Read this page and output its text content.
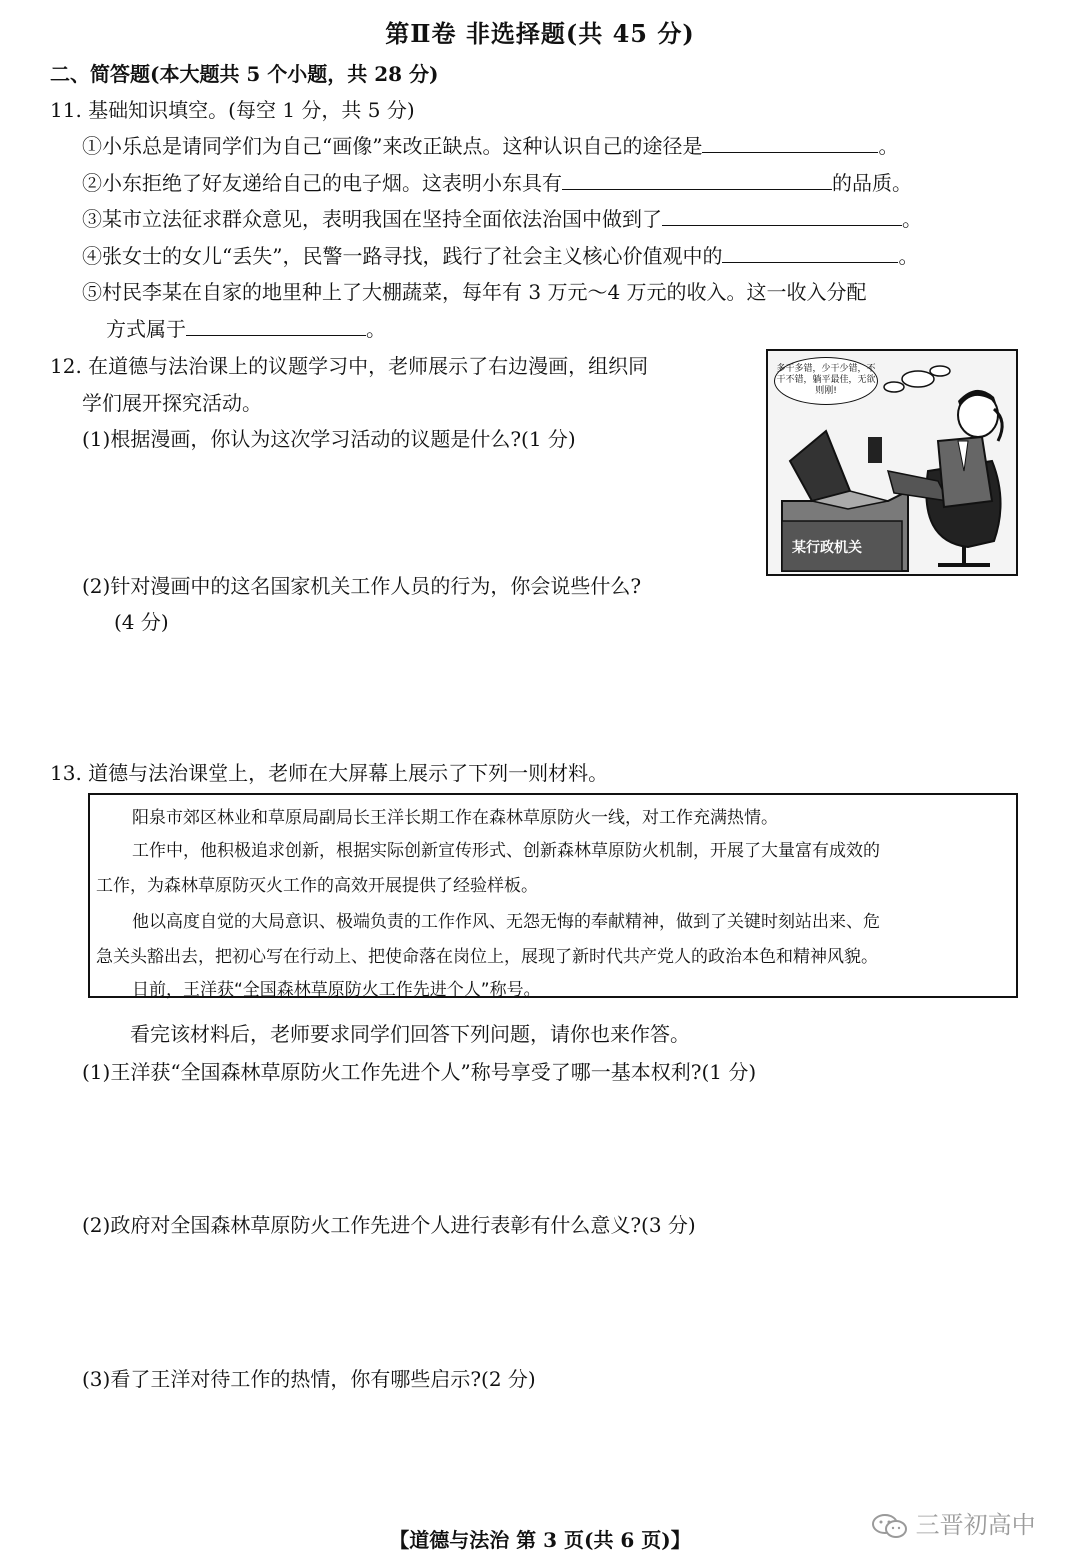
第Ⅱ卷 非选择题(共 45 分)
二、简答题(本大题共 5 个小题，共 28 分)
11. 基础知识填空。(每空 1 分，共 5 分)
①小乐总是请同学们为自己“画像”来改正缺点。这种认识自己的途径是	。
②小东拒绝了好友递给自己的电子烟。这表明小东具有	的品质。
③某市立法征求群众意见，表明我国在坚持全面依法治国中做到了	。
④张女士的女儿“丢失”，民警一路寻找，践行了社会主义核心价值观中的	。
⑤村民李某在自家的地里种上了大棚蔬菜，每年有 3 万元～4 万元的收入。这一收入分配
方式属于	。
12. 在道德与法治课上的议题学习中，老师展示了右边漫画，组织同
学们展开探究活动。
(1)根据漫画，你认为这次学习活动的议题是什么?(1 分)
多干多错，少干少错，不干不错，躺平最佳，无欲则刚!
某行政机关
(2)针对漫画中的这名国家机关工作人员的行为，你会说些什么?
(4 分)
13. 道德与法治课堂上，老师在大屏幕上展示了下列一则材料。
阳泉市郊区林业和草原局副局长王洋长期工作在森林草原防火一线，对工作充满热情。
工作中，他积极追求创新，根据实际创新宣传形式、创新森林草原防火机制，开展了大量富有成效的
工作，为森林草原防灭火工作的高效开展提供了经验样板。
他以高度自觉的大局意识、极端负责的工作作风、无怨无悔的奉献精神，做到了关键时刻站出来、危
急关头豁出去，把初心写在行动上、把使命落在岗位上，展现了新时代共产党人的政治本色和精神风貌。
日前，王洋获“全国森林草原防火工作先进个人”称号。
看完该材料后，老师要求同学们回答下列问题，请你也来作答。
(1)王洋获“全国森林草原防火工作先进个人”称号享受了哪一基本权利?(1 分)
(2)政府对全国森林草原防火工作先进个人进行表彰有什么意义?(3 分)
(3)看了王洋对待工作的热情，你有哪些启示?(2 分)
三晋初高中
【道德与法治 第 3 页(共 6 页)】
